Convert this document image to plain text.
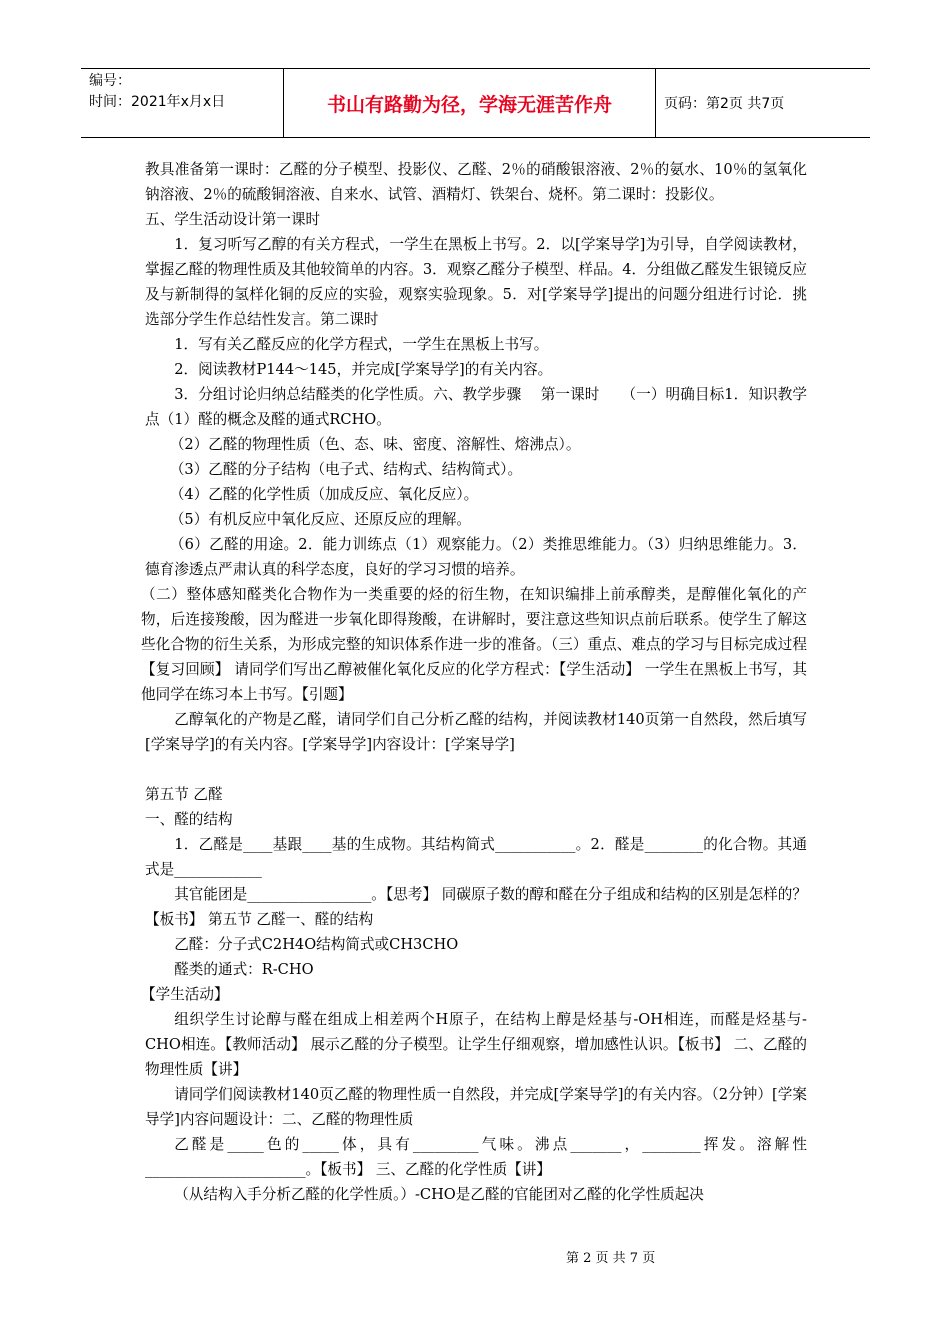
编号：
时间：2021年x月x日	书山有路勤为径，学海无涯苦作舟	页码：第2页 共7页

教具准备第一课时：乙醛的分子模型、投影仪、乙醛、2％的硝酸银溶液、2％的氨水、10％的氢氧化钠溶液、2％的硫酸铜溶液、自来水、试管、酒精灯、铁架台、烧杯。第二课时：投影仪。

五、学生活动设计第一课时

1．复习听写乙醇的有关方程式，一学生在黑板上书写。2．以[学案导学]为引导，自学阅读教材，掌握乙醛的物理性质及其他较简单的内容。3．观察乙醛分子模型、样品。4．分组做乙醛发生银镜反应及与新制得的氢样化铜的反应的实验，观察实验现象。5．对[学案导学]提出的问题分组进行讨论．挑选部分学生作总结性发言。第二课时

1．写有关乙醛反应的化学方程式，一学生在黑板上书写。

2．阅读教材P144～145，并完成[学案导学]的有关内容。

3．分组讨论归纳总结醛类的化学性质。六、教学步骤　 第一课时　　（一）明确目标1．知识教学点（1）醛的概念及醛的通式RCHO。

（2）乙醛的物理性质（色、态、味、密度、溶解性、熔沸点）。

（3）乙醛的分子结构（电子式、结构式、结构简式）。

（4）乙醛的化学性质（加成反应、氧化反应）。

（5）有机反应中氧化反应、还原反应的理解。

（6）乙醛的用途。2．能力训练点（1）观察能力。（2）类推思维能力。（3）归纳思维能力。3．德育渗透点严肃认真的科学态度，良好的学习习惯的培养。

（二）整体感知醛类化合物作为一类重要的烃的衍生物，在知识编排上前承醇类，是醇催化氧化的产物，后连接羧酸，因为醛进一步氧化即得羧酸，在讲解时，要注意这些知识点前后联系。使学生了解这些化合物的衍生关系，为形成完整的知识体系作进一步的准备。（三）重点、难点的学习与目标完成过程【复习回顾】 请同学们写出乙醇被催化氧化反应的化学方程式：【学生活动】 一学生在黑板上书写，其他同学在练习本上书写。【引题】

乙醇氧化的产物是乙醛，请同学们自己分析乙醛的结构，并阅读教材140页第一自然段，然后填写[学案导学]的有关内容。[学案导学]内容设计：[学案导学]

第五节 乙醛

一、醛的结构

1．乙醛是____基跟____基的生成物。其结构简式___________。2．醛是________的化合物。其通式是____________

其官能团是_________________。【思考】 同碳原子数的醇和醛在分子组成和结构的区别是怎样的？【板书】 第五节 乙醛一、醛的结构

乙醛：分子式C2H4O结构简式或CH3CHO

醛类的通式：R-CHO

【学生活动】

组织学生讨论醇与醛在组成上相差两个H原子，在结构上醇是烃基与-OH相连，而醛是烃基与-CHO相连。【教师活动】 展示乙醛的分子模型。让学生仔细观察，增加感性认识。【板书】 二、乙醛的物理性质【讲】

请同学们阅读教材140页乙醛的物理性质一自然段，并完成[学案导学]的有关内容。（2分钟）[学案导学]内容问题设计：二、乙醛的物理性质

乙醛是_____色的_____体，具有_________气味。沸点_______，________挥发。溶解性______________________。【板书】 三、乙醛的化学性质【讲】

（从结构入手分析乙醛的化学性质。）-CHO是乙醛的官能团对乙醛的化学性质起决

第 2 页 共 7 页
